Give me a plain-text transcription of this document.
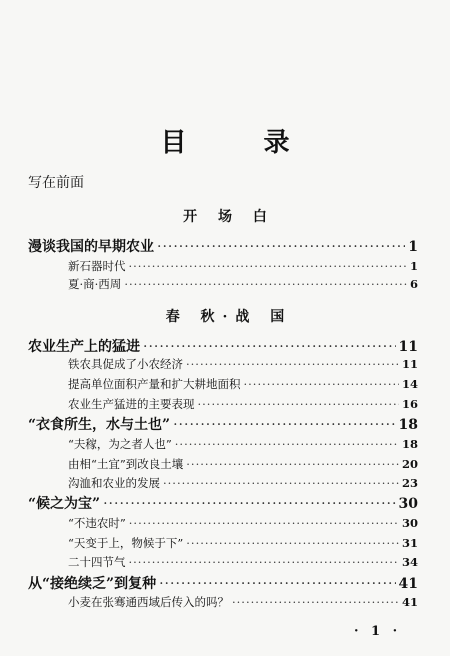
目 录
写在前面
开 场 白
漫谈我国的早期农业 ·····	1
新石器时代 ·····	1
夏·商·西周 ·····	6
春 秋·战 国
农业生产上的猛进 ·····	11
铁农具促成了小农经济 ·····	11
提高单位面积产量和扩大耕地面积 ·····	14
农业生产猛进的主要表现 ·····	16
“衣食所生，水与土也” ·····	18
“夫稼，为之者人也” ·····	18
由相“土宜”到改良土壤 ·····	20
沟洫和农业的发展 ·····	23
“候之为宝” ·····	30
“不违农时” ·····	30
“天变于上，物候于下” ·····	31
二十四节气 ·····	34
从“接绝续乏”到复种 ·····	41
小麦在张骞通西域后传入的吗？ ·····	41
· 1 ·
